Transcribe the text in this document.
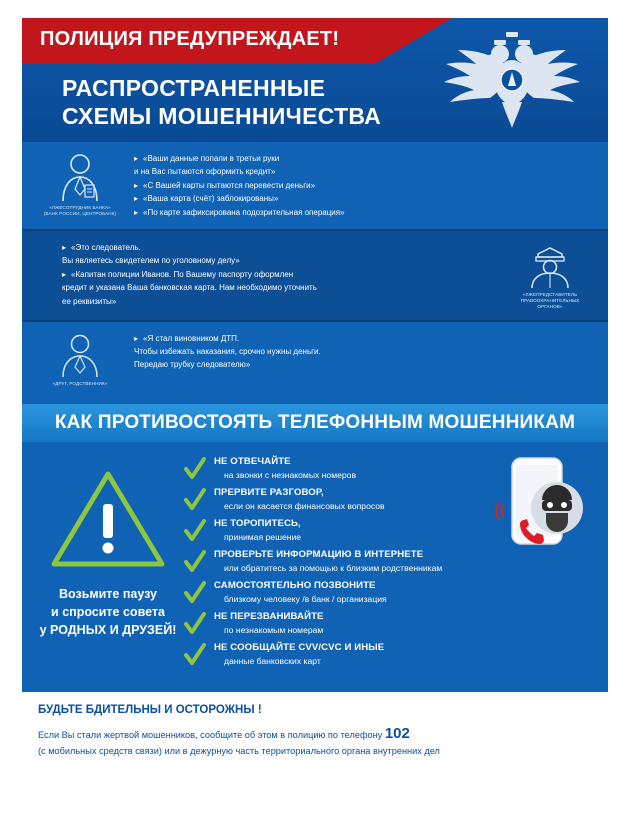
ПОЛИЦИЯ ПРЕДУПРЕЖДАЕТ!
РАСПРОСТРАНЕННЫЕ
СХЕМЫ МОШЕННИЧЕСТВА
«ЛЖЕСОТРУДНИК БАНКА»
(БАНК РОССИИ, ЦЕНТРОБАНК)
▸ «Ваши данные попали в третьи руки
и на Вас пытаются оформить кредит»
▸ «С Вашей карты пытаются перевести деньги»
▸ «Ваша карта (счёт) заблокированы»
▸ «По карте зафиксирована подозрительная операция»
▸ «Это следователь.
Вы являетесь свидетелем по уголовному делу»
▸ «Капитан полиции Иванов. По Вашему паспорту оформлен
кредит и указана Ваша банковская карта. Нам необходимо уточнить
ее реквизиты»
«ЛЖЕПРЕДСТАВИТЕЛЬ
ПРАВООХРАНИТЕЛЬНЫХ
ОРГАНОВ»
«ДРУГ, РОДСТВЕННИК»
▸ «Я стал виновником ДТП.
Чтобы избежать наказания, срочно нужны деньги.
Передаю трубку следователю»
КАК ПРОТИВОСТОЯТЬ ТЕЛЕФОННЫМ МОШЕННИКАМ
Возьмите паузу
и спросите совета
у РОДНЫХ И ДРУЗЕЙ!
НЕ ОТВЕЧАЙТЕ
на звонки с незнакомых номеров
ПРЕРВИТЕ РАЗГОВОР,
если он касается финансовых вопросов
НЕ ТОРОПИТЕСЬ,
принимая решение
ПРОВЕРЬТЕ ИНФОРМАЦИЮ В ИНТЕРНЕТЕ
или обратитесь за помощью к близким родственникам
САМОСТОЯТЕЛЬНО ПОЗВОНИТЕ
близкому человеку /в банк / организация
НЕ ПЕРЕЗВАНИВАЙТЕ
по незнакомым номерам
НЕ СООБЩАЙТЕ CVV/CVC И ИНЫЕ
данные банковских карт
БУДЬТЕ БДИТЕЛЬНЫ И ОСТОРОЖНЫ !
Если Вы стали жертвой мошенников, сообщите об этом в полицию по телефону 102
(с мобильных средств связи) или в дежурную часть территориального органа внутренних дел
